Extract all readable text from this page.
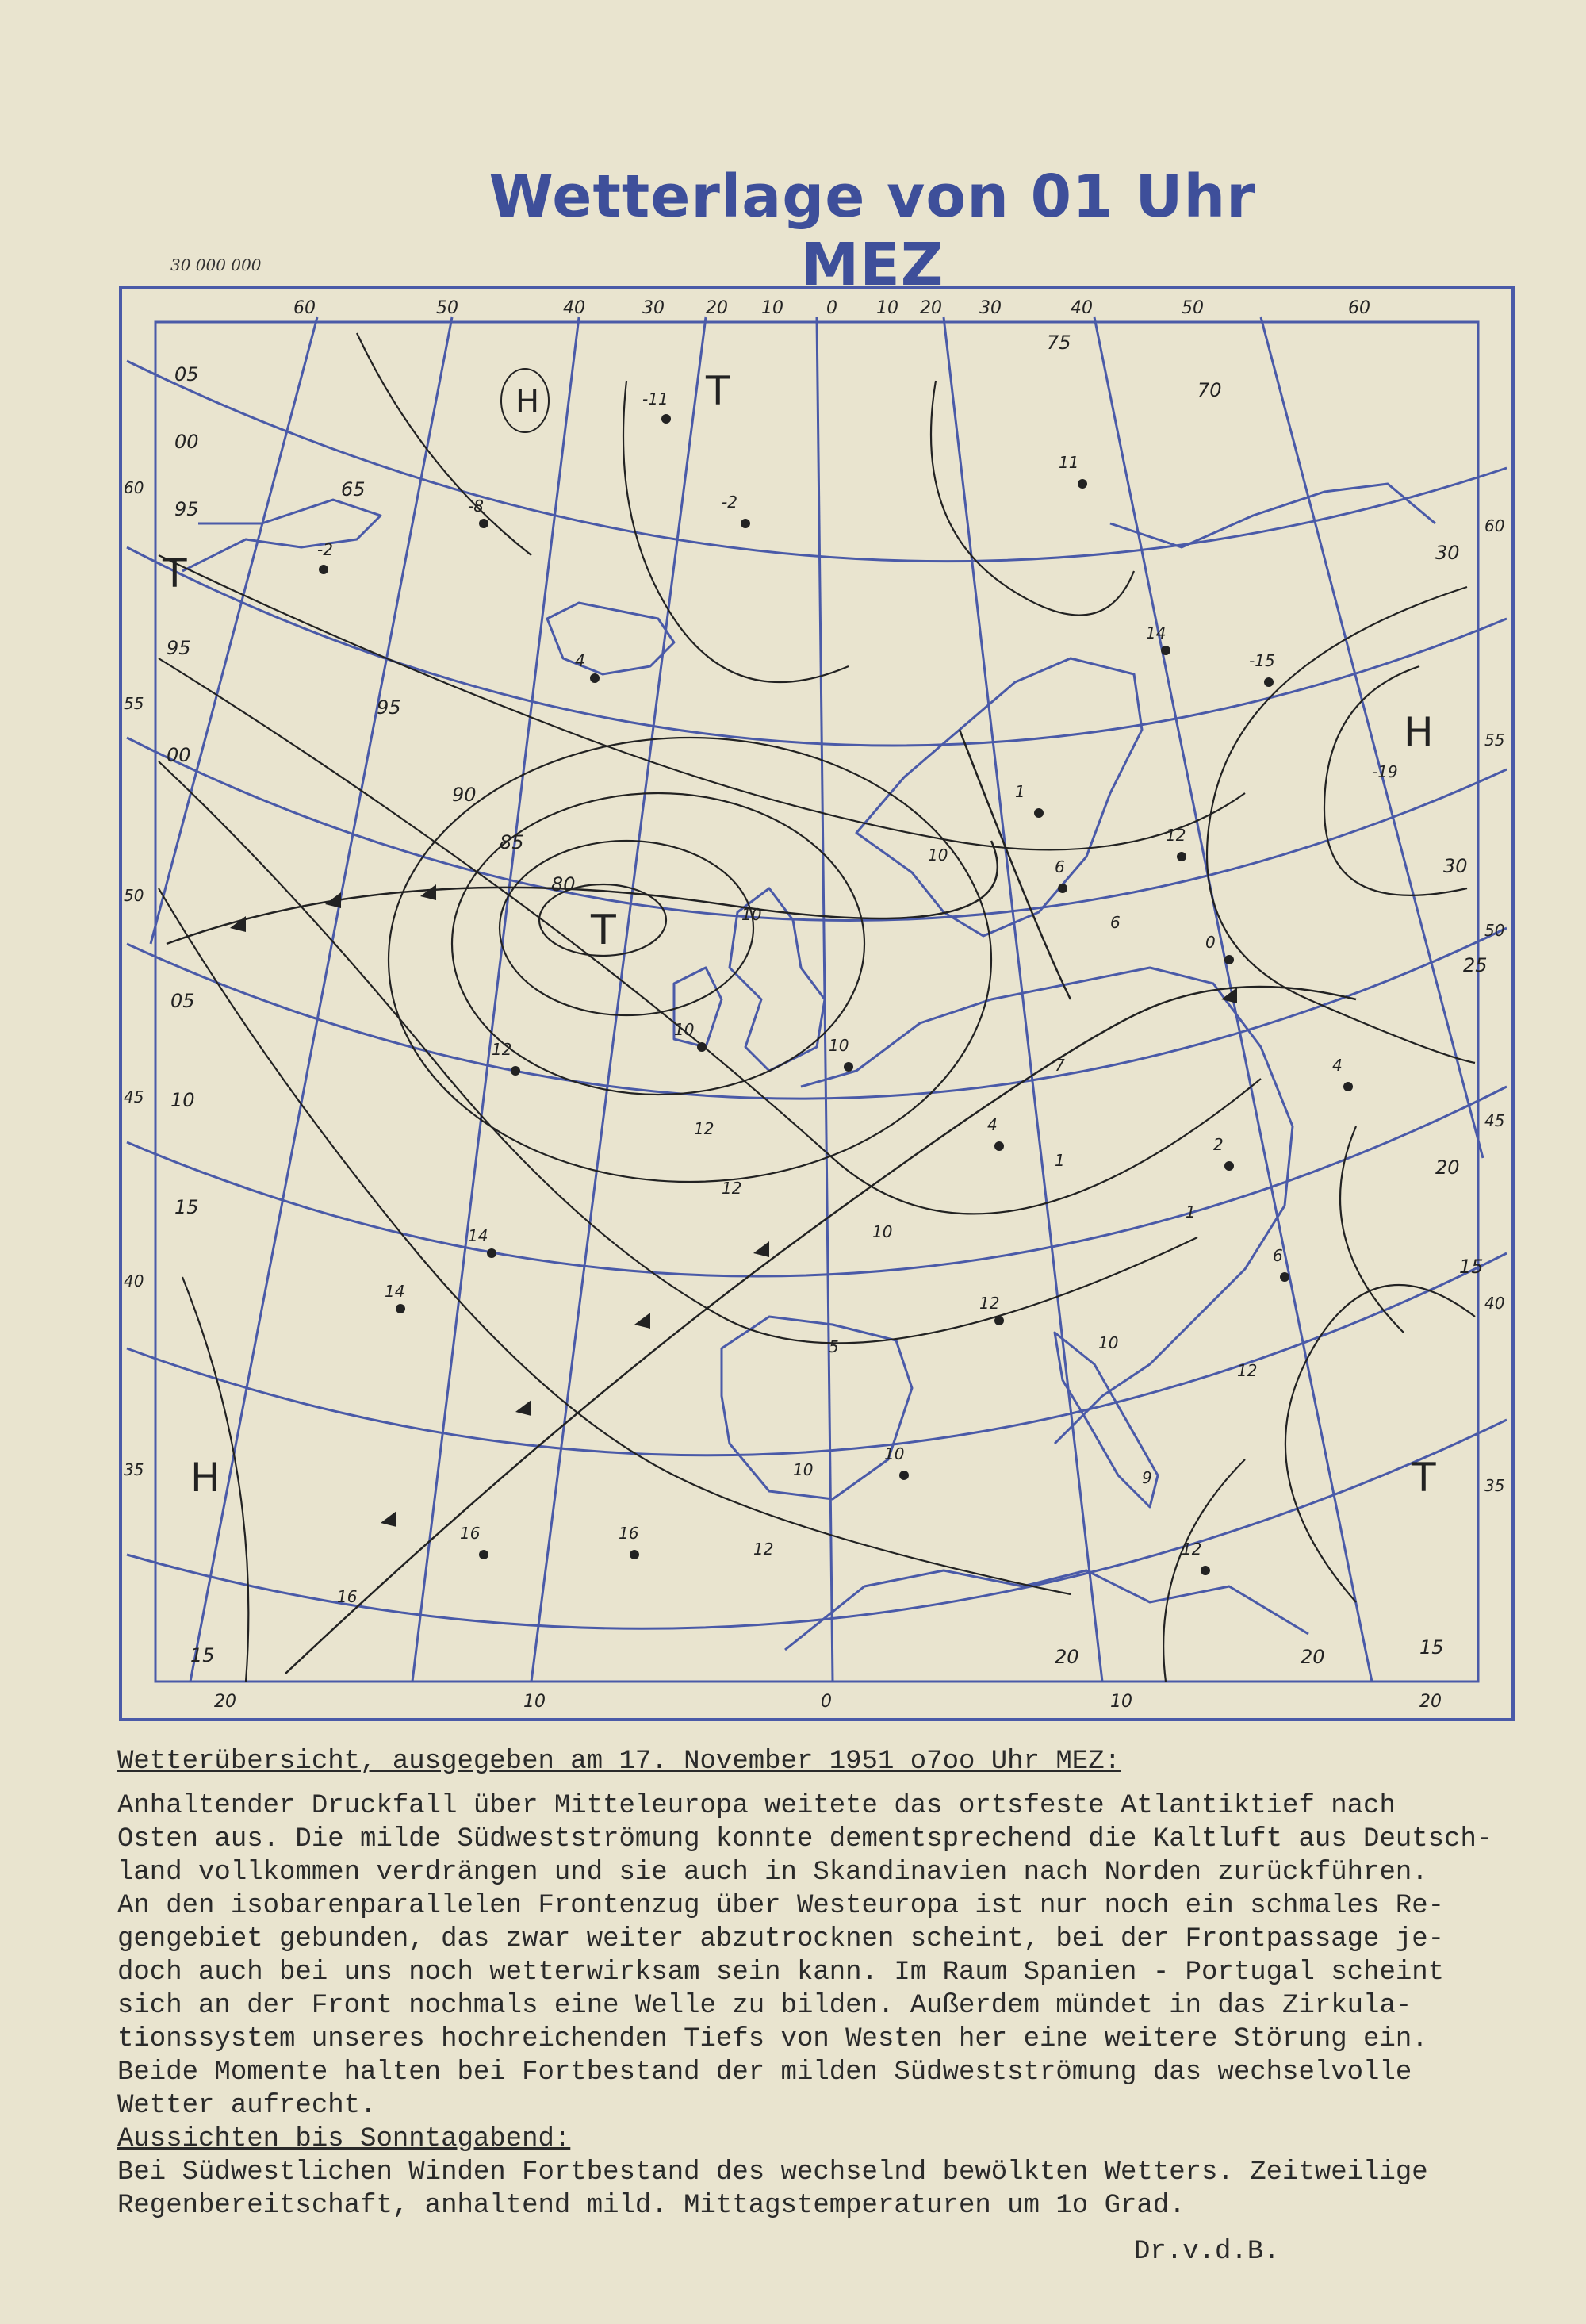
Wetterlage von 01 Uhr MEZ
30 000 000
H	T
T
T
T
H
H
60	50	40	30 20 10 0 10 20 30	40	50	60
20	10	0	10	20
60
55
50
45
40
35
60
55
50
45
40
35
05
00
95
95
00
05
10
15
95
90
85
80
65
70
75
30
30
25
20
15
20	20	15
15
-2
-8
-11
-2
4
11
14
-15
-19
1
10
6
12
6
0
12
10
10
10
12
12
14
14
10
4
7	4
1
2
1
6
12
10
12
5
10
10
16	16
12
16
9
12
Wetterübersicht, ausgegeben am 17. November 1951 o7oo Uhr MEZ:
Anhaltender Druckfall über Mitteleuropa weitete das ortsfeste Atlantiktief nach
Osten aus. Die milde Südwestströmung konnte dementsprechend die Kaltluft aus Deutsch-
land vollkommen verdrängen und sie auch in Skandinavien nach Norden zurückführen.
An den isobarenparallelen Frontenzug über Westeuropa ist nur noch ein schmales Re-
gengebiet gebunden, das zwar weiter abzutrocknen scheint, bei der Frontpassage je-
doch auch bei uns noch wetterwirksam sein kann. Im Raum Spanien - Portugal scheint
sich an der Front nochmals eine Welle zu bilden. Außerdem mündet in das Zirkula-
tionssystem unseres hochreichenden Tiefs von Westen her eine weitere Störung ein.
Beide Momente halten bei Fortbestand der milden Südwestströmung das wechselvolle
Wetter aufrecht.
Aussichten bis Sonntagabend:
Bei Südwestlichen Winden Fortbestand des wechselnd bewölkten Wetters. Zeitweilige
Regenbereitschaft, anhaltend mild. Mittagstemperaturen um 1o Grad.
Dr.v.d.B.
